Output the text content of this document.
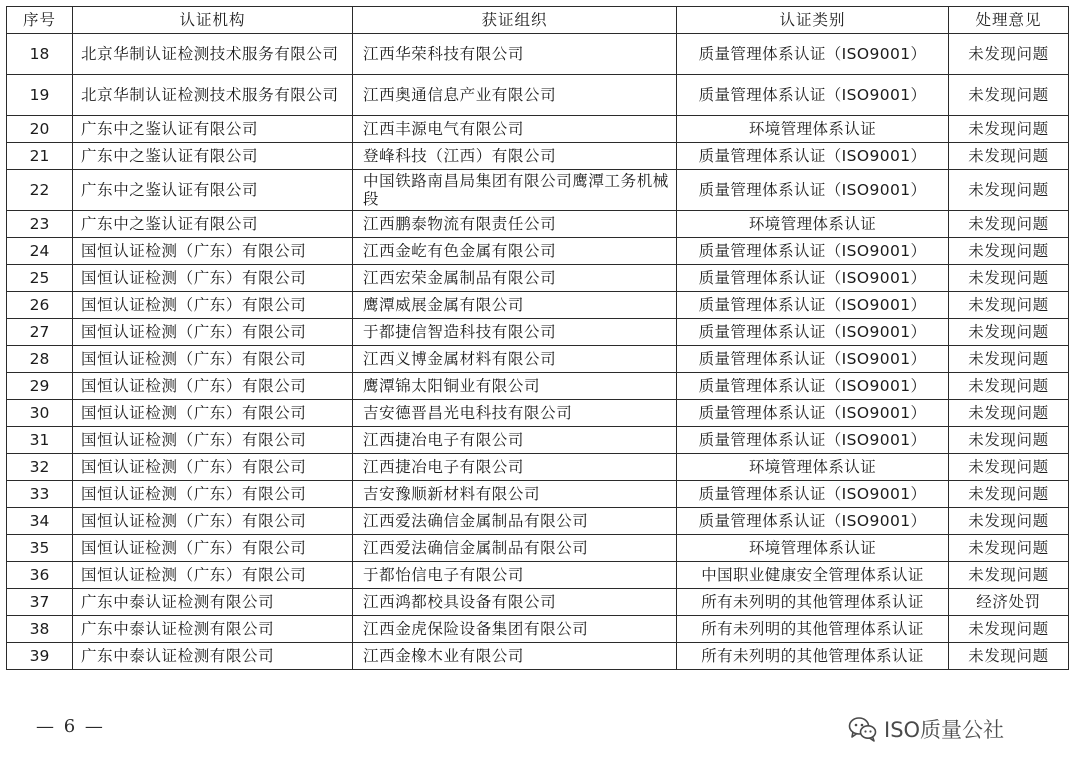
序号	认证机构	获证组织	认证类别	处理意见
18	北京华制认证检测技术服务有限公司	江西华荣科技有限公司	质量管理体系认证（ISO9001）	未发现问题
19	北京华制认证检测技术服务有限公司	江西奥通信息产业有限公司	质量管理体系认证（ISO9001）	未发现问题
20	广东中之鉴认证有限公司	江西丰源电气有限公司	环境管理体系认证	未发现问题
21	广东中之鉴认证有限公司	登峰科技（江西）有限公司	质量管理体系认证（ISO9001）	未发现问题
22	广东中之鉴认证有限公司	中国铁路南昌局集团有限公司鹰潭工务机械段	质量管理体系认证（ISO9001）	未发现问题
23	广东中之鉴认证有限公司	江西鹏泰物流有限责任公司	环境管理体系认证	未发现问题
24	国恒认证检测（广东）有限公司	江西金屹有色金属有限公司	质量管理体系认证（ISO9001）	未发现问题
25	国恒认证检测（广东）有限公司	江西宏荣金属制品有限公司	质量管理体系认证（ISO9001）	未发现问题
26	国恒认证检测（广东）有限公司	鹰潭威展金属有限公司	质量管理体系认证（ISO9001）	未发现问题
27	国恒认证检测（广东）有限公司	于都捷信智造科技有限公司	质量管理体系认证（ISO9001）	未发现问题
28	国恒认证检测（广东）有限公司	江西义博金属材料有限公司	质量管理体系认证（ISO9001）	未发现问题
29	国恒认证检测（广东）有限公司	鹰潭锦太阳铜业有限公司	质量管理体系认证（ISO9001）	未发现问题
30	国恒认证检测（广东）有限公司	吉安德晋昌光电科技有限公司	质量管理体系认证（ISO9001）	未发现问题
31	国恒认证检测（广东）有限公司	江西捷冶电子有限公司	质量管理体系认证（ISO9001）	未发现问题
32	国恒认证检测（广东）有限公司	江西捷冶电子有限公司	环境管理体系认证	未发现问题
33	国恒认证检测（广东）有限公司	吉安豫顺新材料有限公司	质量管理体系认证（ISO9001）	未发现问题
34	国恒认证检测（广东）有限公司	江西爱法确信金属制品有限公司	质量管理体系认证（ISO9001）	未发现问题
35	国恒认证检测（广东）有限公司	江西爱法确信金属制品有限公司	环境管理体系认证	未发现问题
36	国恒认证检测（广东）有限公司	于都怡信电子有限公司	中国职业健康安全管理体系认证	未发现问题
37	广东中泰认证检测有限公司	江西鸿都校具设备有限公司	所有未列明的其他管理体系认证	经济处罚
38	广东中泰认证检测有限公司	江西金虎保险设备集团有限公司	所有未列明的其他管理体系认证	未发现问题
39	广东中泰认证检测有限公司	江西金橡木业有限公司	所有未列明的其他管理体系认证	未发现问题
— 6 —	ISO质量公社
